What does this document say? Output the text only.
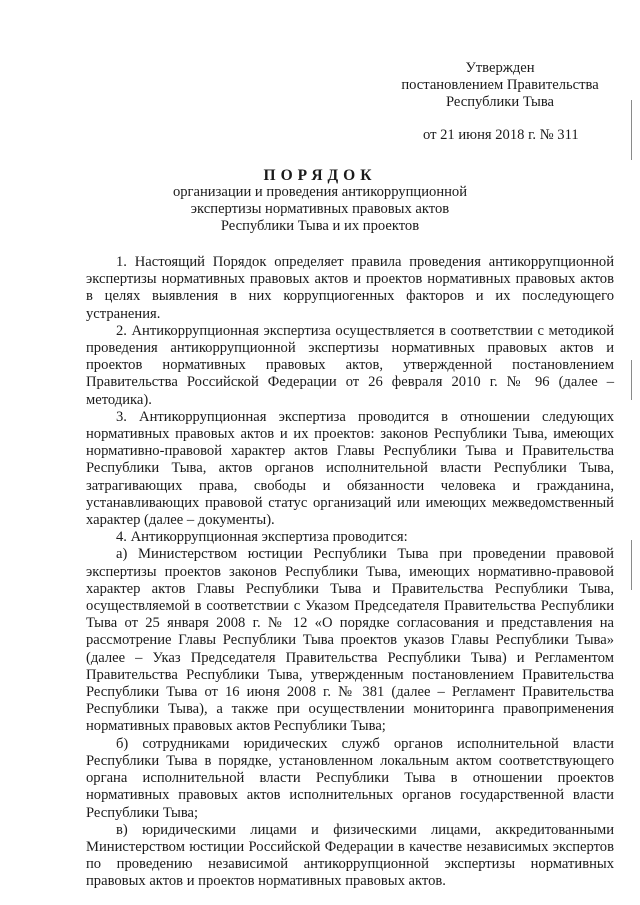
Утвержден
постановлением Правительства
Республики Тыва
от 21 июня 2018 г. № 311
ПОРЯДОК
организации и проведения антикоррупционной
экспертизы нормативных правовых актов
Республики Тыва и их проектов

1. Настоящий Порядок определяет правила проведения антикоррупционной экспертизы нормативных правовых актов и проектов нормативных правовых актов в целях выявления в них коррупциогенных факторов и их последующего устранения.

2. Антикоррупционная экспертиза осуществляется в соответствии с методикой проведения антикоррупционной экспертизы нормативных правовых актов и проектов нормативных правовых актов, утвержденной постановлением Правительства Российской Федерации от 26 февраля 2010 г. № 96 (далее – методика).

3. Антикоррупционная экспертиза проводится в отношении следующих нормативных правовых актов и их проектов: законов Республики Тыва, имеющих нормативно-правовой характер актов Главы Республики Тыва и Правительства Республики Тыва, актов органов исполнительной власти Республики Тыва, затрагивающих права, свободы и обязанности человека и гражданина, устанавливающих правовой статус организаций или имеющих межведомственный характер (далее – документы).

4. Антикоррупционная экспертиза проводится:

а) Министерством юстиции Республики Тыва при проведении правовой экспертизы проектов законов Республики Тыва, имеющих нормативно-правовой характер актов Главы Республики Тыва и Правительства Республики Тыва, осуществляемой в соответствии с Указом Председателя Правительства Республики Тыва от 25 января 2008 г. № 12 «О порядке согласования и представления на рассмотрение Главы Республики Тыва проектов указов Главы Республики Тыва» (далее – Указ Председателя Правительства Республики Тыва) и Регламентом Правительства Республики Тыва, утвержденным постановлением Правительства Республики Тыва от 16 июня 2008 г. № 381 (далее – Регламент Правительства Республики Тыва), а также при осуществлении мониторинга правоприменения нормативных правовых актов Республики Тыва;

б) сотрудниками юридических служб органов исполнительной власти Республики Тыва в порядке, установленном локальным актом соответствующего органа исполнительной власти Республики Тыва в отношении проектов нормативных правовых актов исполнительных органов государственной власти Республики Тыва;

в) юридическими лицами и физическими лицами, аккредитованными Министерством юстиции Российской Федерации в качестве независимых экспертов по проведению независимой антикоррупционной экспертизы нормативных правовых актов и проектов нормативных правовых актов.
